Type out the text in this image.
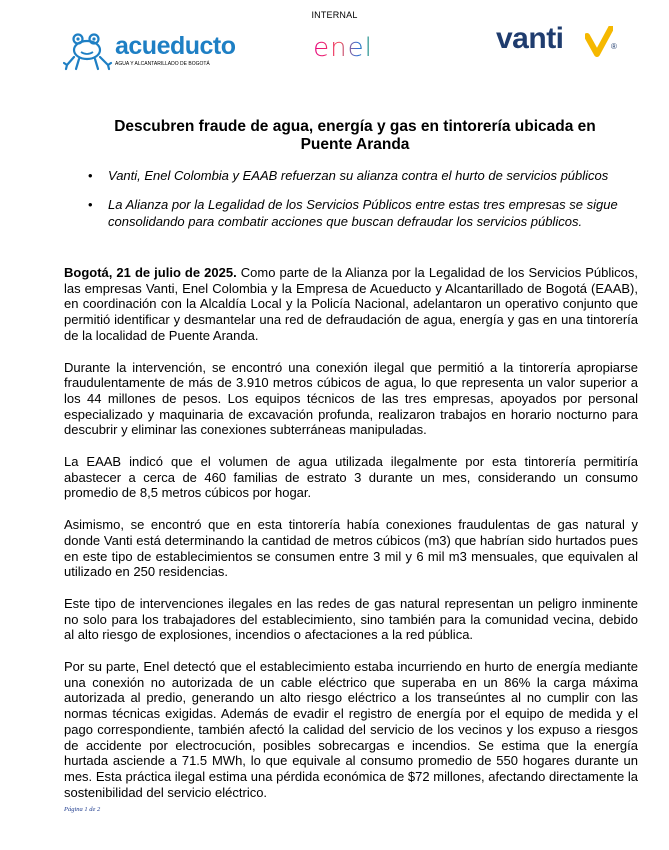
INTERNAL
acueducto
AGUA Y ALCANTARILLADO DE BOGOTÁ
enel	vanti	®
Descubren fraude de agua, energía y gas en tintorería ubicada en Puente Aranda
• Vanti, Enel Colombia y EAAB refuerzan su alianza contra el hurto de servicios públicos
• La Alianza por la Legalidad de los Servicios Públicos entre estas tres empresas se sigue consolidando para combatir acciones que buscan defraudar los servicios públicos.

Bogotá, 21 de julio de 2025. Como parte de la Alianza por la Legalidad de los Servicios Públicos, las empresas Vanti, Enel Colombia y la Empresa de Acueducto y Alcantarillado de Bogotá (EAAB), en coordinación con la Alcaldía Local y la Policía Nacional, adelantaron un operativo conjunto que permitió identificar y desmantelar una red de defraudación de agua, energía y gas en una tintorería de la localidad de Puente Aranda.

Durante la intervención, se encontró una conexión ilegal que permitió a la tintorería apropiarse fraudulentamente de más de 3.910 metros cúbicos de agua, lo que representa un valor superior a los 44 millones de pesos. Los equipos técnicos de las tres empresas, apoyados por personal especializado y maquinaria de excavación profunda, realizaron trabajos en horario nocturno para descubrir y eliminar las conexiones subterráneas manipuladas.

La EAAB indicó que el volumen de agua utilizada ilegalmente por esta tintorería permitiría abastecer a cerca de 460 familias de estrato 3 durante un mes, considerando un consumo promedio de 8,5 metros cúbicos por hogar.

Asimismo, se encontró que en esta tintorería había conexiones fraudulentas de gas natural y donde Vanti está determinando la cantidad de metros cúbicos (m3) que habrían sido hurtados pues en este tipo de establecimientos se consumen entre 3 mil y 6 mil m3 mensuales, que equivalen al utilizado en 250 residencias.

Este tipo de intervenciones ilegales en las redes de gas natural representan un peligro inminente no solo para los trabajadores del establecimiento, sino también para la comunidad vecina, debido al alto riesgo de explosiones, incendios o afectaciones a la red pública.

Por su parte, Enel detectó que el establecimiento estaba incurriendo en hurto de energía mediante una conexión no autorizada de un cable eléctrico que superaba en un 86% la carga máxima autorizada al predio, generando un alto riesgo eléctrico a los transeúntes al no cumplir con las normas técnicas exigidas. Además de evadir el registro de energía por el equipo de medida y el pago correspondiente, también afectó la calidad del servicio de los vecinos y los expuso a riesgos de accidente por electrocución, posibles sobrecargas e incendios. Se estima que la energía hurtada asciende a 71.5 MWh, lo que equivale al consumo promedio de 550 hogares durante un mes. Esta práctica ilegal estima una pérdida económica de $72 millones, afectando directamente la sostenibilidad del servicio eléctrico.

Página 1 de 2
